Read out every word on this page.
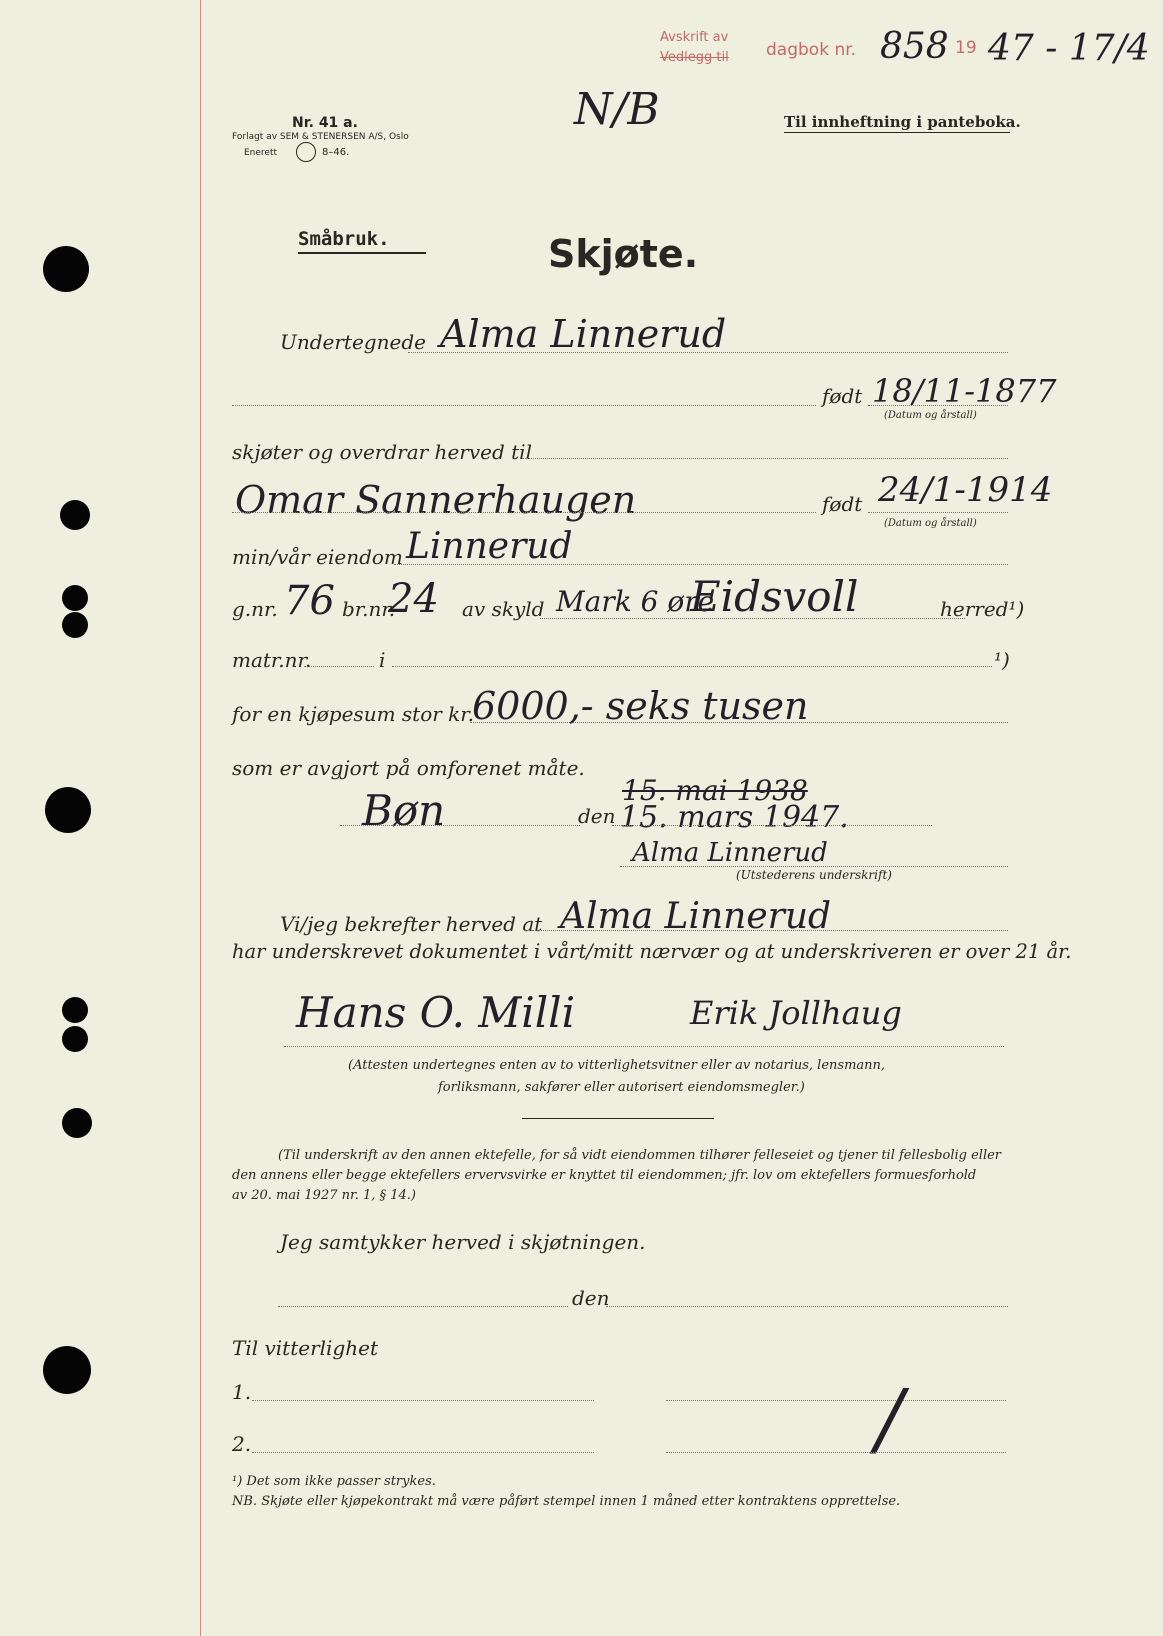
Avskrift av
Vedlegg til dagbok nr. 858 19 47 - 17/4
Nr. 41 a.
Forlagt av SEM & STENERSEN A/S, Oslo
Enerett	8–46.
N/B	Til innheftning i panteboka.
Småbruk.	Skjøte.
Undertegnede Alma Linnerud
født 18/11-1877
(Datum og årstall)
skjøter og overdrar herved til
Omar Sannerhaugen	født 24/1-1914
(Datum og årstall)
min/vår eiendom Linnerud
g.nr. 76 br.nr.
24 av skyld Mark 6 øre
Eidsvoll	herred¹)
matr.nr.	i	¹)
for en kjøpesum stor kr.
6000,- seks tusen
som er avgjort på omforenet måte.
Bøn	den
15. mai 1938
15. mars 1947.
Alma Linnerud
(Utstederens underskrift)
Vi/jeg bekrefter herved at Alma Linnerud
har underskrevet dokumentet i vårt/mitt nærvær og at underskriveren er over 21 år.
Hans O. Milli	Erik Jollhaug
(Attesten undertegnes enten av to vitterlighetsvitner eller av notarius, lensmann,
forliksmann, sakfører eller autorisert eiendomsmegler.)
(Til underskrift av den annen ektefelle, for så vidt eiendommen tilhører felleseiet og tjener til fellesbolig eller
den annens eller begge ektefellers ervervsvirke er knyttet til eiendommen; jfr. lov om ektefellers formuesforhold
av 20. mai 1927 nr. 1, § 14.)
Jeg samtykker herved i skjøtningen.
den
Til vitterlighet
1.	/
2.
¹) Det som ikke passer strykes.
NB. Skjøte eller kjøpekontrakt må være påført stempel innen 1 måned etter kontraktens opprettelse.
